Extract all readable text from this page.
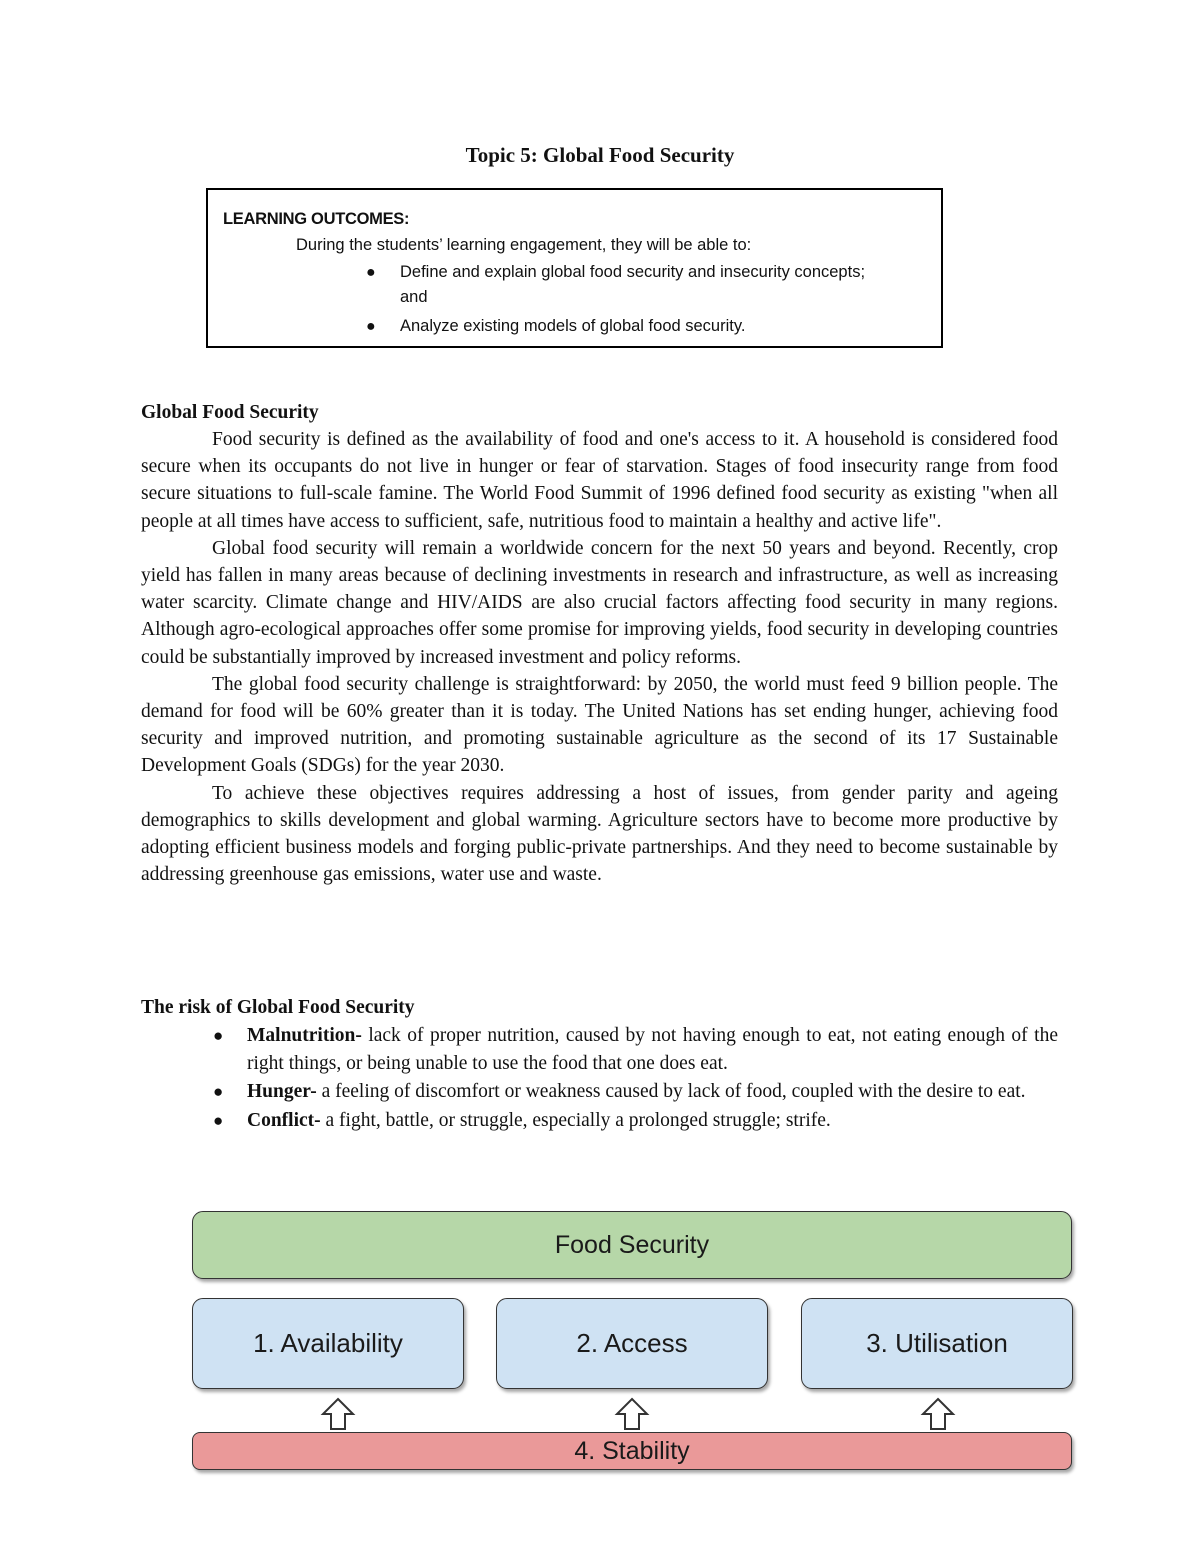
Topic 5: Global Food Security
LEARNING OUTCOMES:
During the students’ learning engagement, they will be able to:
● Define and explain global food security and insecurity concepts; and
● Analyze existing models of global food security.
Global Food Security

Food security is defined as the availability of food and one's access to it. A household is considered food secure when its occupants do not live in hunger or fear of starvation. Stages of food insecurity range from food secure situations to full-scale famine. The World Food Summit of 1996 defined food security as existing "when all people at all times have access to sufficient, safe, nutritious food to maintain a healthy and active life".

Global food security will remain a worldwide concern for the next 50 years and beyond. Recently, crop yield has fallen in many areas because of declining investments in research and infrastructure, as well as increasing water scarcity. Climate change and HIV/AIDS are also crucial factors affecting food security in many regions. Although agro-ecological approaches offer some promise for improving yields, food security in developing countries could be substantially improved by increased investment and policy reforms.

The global food security challenge is straightforward: by 2050, the world must feed 9 billion people. The demand for food will be 60% greater than it is today. The United Nations has set ending hunger, achieving food security and improved nutrition, and promoting sustainable agriculture as the second of its 17 Sustainable Development Goals (SDGs) for the year 2030.

To achieve these objectives requires addressing a host of issues, from gender parity and ageing demographics to skills development and global warming. Agriculture sectors have to become more productive by adopting efficient business models and forging public-private partnerships. And they need to become sustainable by addressing greenhouse gas emissions, water use and waste.

The risk of Global Food Security
● Malnutrition- lack of proper nutrition, caused by not having enough to eat, not eating enough of the right things, or being unable to use the food that one does eat.
● Hunger- a feeling of discomfort or weakness caused by lack of food, coupled with the desire to eat.
● Conflict- a fight, battle, or struggle, especially a prolonged struggle; strife.
Food Security
1. Availability	2. Access	3. Utilisation
4. Stability
